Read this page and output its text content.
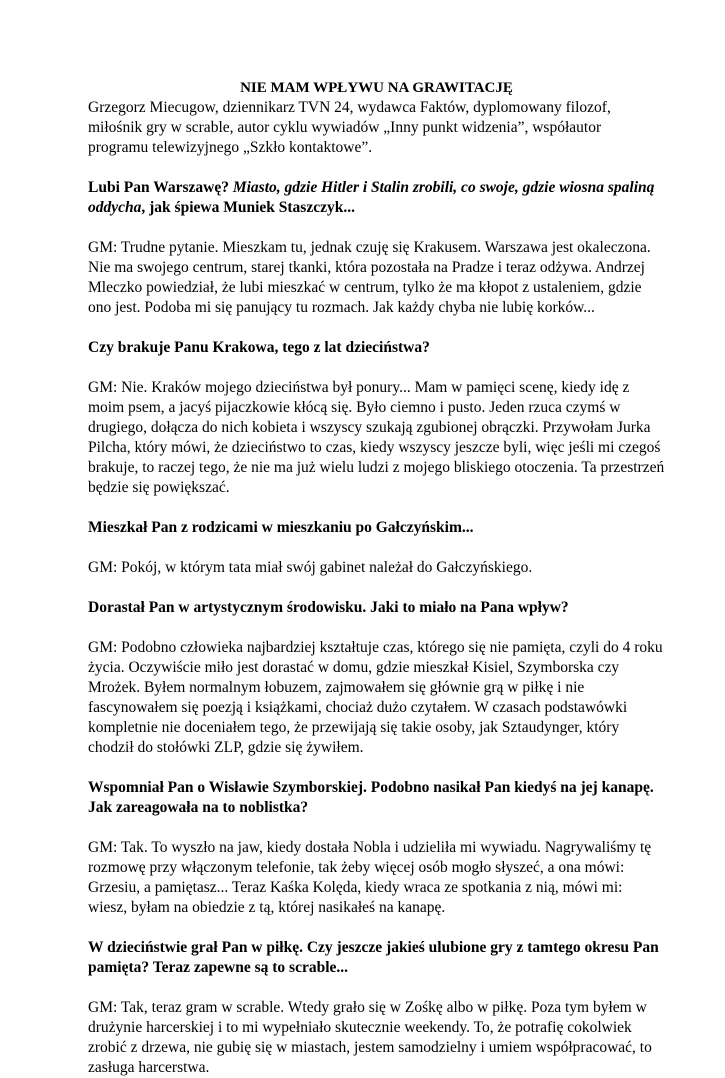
NIE MAM WPŁYWU NA GRAWITACJĘ

Grzegorz Miecugow, dziennikarz TVN 24, wydawca Faktów, dyplomowany filozof, miłośnik gry w scrable, autor cyklu wywiadów „Inny punkt widzenia”, współautor programu telewizyjnego „Szkło kontaktowe”.

Lubi Pan Warszawę? Miasto, gdzie Hitler i Stalin zrobili, co swoje, gdzie wiosna spaliną oddycha, jak śpiewa Muniek Staszczyk...

GM: Trudne pytanie. Mieszkam tu, jednak czuję się Krakusem. Warszawa jest okaleczona. Nie ma swojego centrum, starej tkanki, która pozostała na Pradze i teraz odżywa. Andrzej Mleczko powiedział, że lubi mieszkać w centrum, tylko że ma kłopot z ustaleniem, gdzie ono jest. Podoba mi się panujący tu rozmach. Jak każdy chyba nie lubię korków...

Czy brakuje Panu Krakowa, tego z lat dzieciństwa?

GM: Nie. Kraków mojego dzieciństwa był ponury... Mam w pamięci scenę, kiedy idę z moim psem, a jacyś pijaczkowie kłócą się. Było ciemno i pusto. Jeden rzuca czymś w drugiego, dołącza do nich kobieta i wszyscy szukają zgubionej obrączki. Przywołam Jurka Pilcha, który mówi, że dzieciństwo to czas, kiedy wszyscy jeszcze byli, więc jeśli mi czegoś brakuje, to raczej tego, że nie ma już wielu ludzi z mojego bliskiego otoczenia. Ta przestrzeń będzie się powiększać.

Mieszkał Pan z rodzicami w mieszkaniu po Gałczyńskim...

GM: Pokój, w którym tata miał swój gabinet należał do Gałczyńskiego.

Dorastał Pan w artystycznym środowisku. Jaki to miało na Pana wpływ?

GM: Podobno człowieka najbardziej kształtuje czas, którego się nie pamięta, czyli do 4 roku życia. Oczywiście miło jest dorastać w domu, gdzie mieszkał Kisiel, Szymborska czy Mrożek. Byłem normalnym łobuzem, zajmowałem się głównie grą w piłkę i nie fascynowałem się poezją i książkami, chociaż dużo czytałem. W czasach podstawówki kompletnie nie doceniałem tego, że przewijają się takie osoby, jak Sztaudynger, który chodził do stołówki ZLP, gdzie się żywiłem.

Wspomniał Pan o Wisławie Szymborskiej. Podobno nasikał Pan kiedyś na jej kanapę. Jak zareagowała na to noblistka?

GM: Tak. To wyszło na jaw, kiedy dostała Nobla i udzieliła mi wywiadu. Nagrywaliśmy tę rozmowę przy włączonym telefonie, tak żeby więcej osób mogło słyszeć, a ona mówi: Grzesiu, a pamiętasz... Teraz Kaśka Kolęda, kiedy wraca ze spotkania z nią, mówi mi: wiesz, byłam na obiedzie z tą, której nasikałeś na kanapę.

W dzieciństwie grał Pan w piłkę. Czy jeszcze jakieś ulubione gry z tamtego okresu Pan pamięta? Teraz zapewne są to scrable...

GM: Tak, teraz gram w scrable. Wtedy grało się w Zośkę albo w piłkę. Poza tym byłem w drużynie harcerskiej i to mi wypełniało skutecznie weekendy. To, że potrafię cokolwiek zrobić z drzewa, nie gubię się w miastach, jestem samodzielny i umiem współpracować, to zasługa harcerstwa.
